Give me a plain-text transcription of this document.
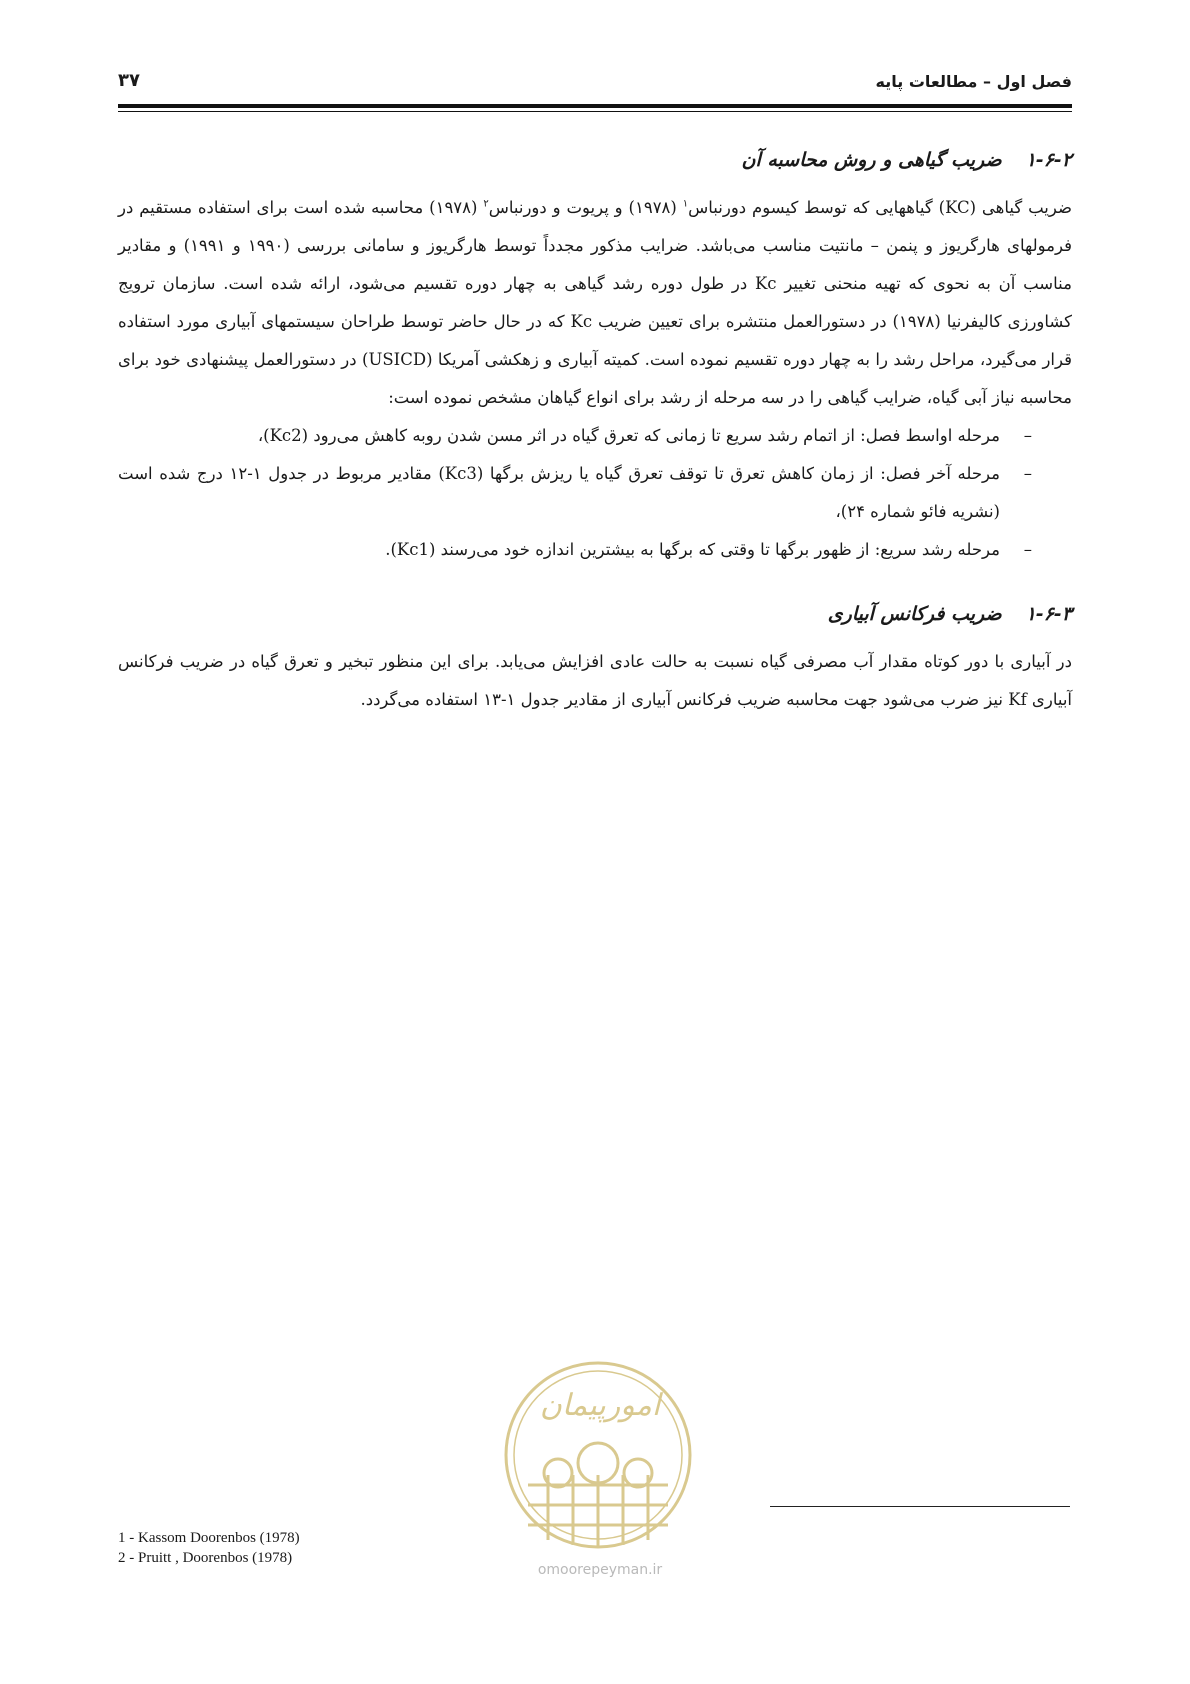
فصل اول – مطالعات پایه
۳۷
۱-۶-۲ضریب گیاهی و روش محاسبه آن

ضریب گیاهی (KC) گیاهها‌یی که توسط کیسوم دورنباس$^۱$ (۱۹۷۸) و پریوت و دورنباس$^۲$ (۱۹۷۸) محاسبه شده است برای استفاده مستقیم در فرمولهای هارگریوز و پنمن – مانتیت مناسب می‌باشد. ضرایب مذکور مجدداً توسط هارگریوز و سامانی بررسی (۱۹۹۰ و ۱۹۹۱) و مقادیر مناسب آن به نحوی که تهیه منحنی تغییر Kc در طول دوره رشد گیاهی به چهار دوره تقسیم می‌شود، ارائه شده است. سازمان ترویج کشاورزی کالیفرنیا (۱۹۷۸) در دستورالعمل منتشره برای تعیین ضریب Kc که در حال حاضر توسط طراحان سیستمهای آبیاری مورد استفاده قرار می‌گیرد، مراحل رشد را به چهار دوره تقسیم نموده است. کمیته آبیاری و زهکشی آمریکا (USICD) در دستورالعمل پیشنهادی خود برای محاسبه نیاز آبی گیاه، ضرایب گیاهی را در سه مرحله از رشد برای انواع گیاهان مشخص نموده است:

–
مرحله اواسط فصل: از اتمام رشد سریع تا زمانی که تعرق گیاه در اثر مسن شدن روبه کاهش می‌رود (Kc2)،
–
مرحله آخر فصل: از زمان کاهش تعرق تا توقف تعرق گیاه یا ریزش برگها (Kc3) مقادیر مربوط در جدول ۱-۱۲ درج شده است (نشریه فائو شماره ۲۴)،
–
مرحله رشد سریع: از ظهور برگها تا وقتی که برگها به بیشترین اندازه خود می‌رسند (Kc1).
۱-۶-۳ضریب فرکانس آبیاری

در آبیاری با دور کوتاه مقدار آب مصرفی گیاه نسبت به حالت عادی افزایش می‌یابد. برای این منظور تبخیر و تعرق گیاه در ضریب فرکانس آبیاری Kf نیز ضرب می‌شود جهت محاسبه ضریب فرکانس آبیاری از مقادیر جدول ۱-۱۳ استفاده می‌گردد.

امورپیمان
omoorepeyman.ir
1 - Kassom Doorenbos (1978)
2 - Pruitt , Doorenbos (1978)
